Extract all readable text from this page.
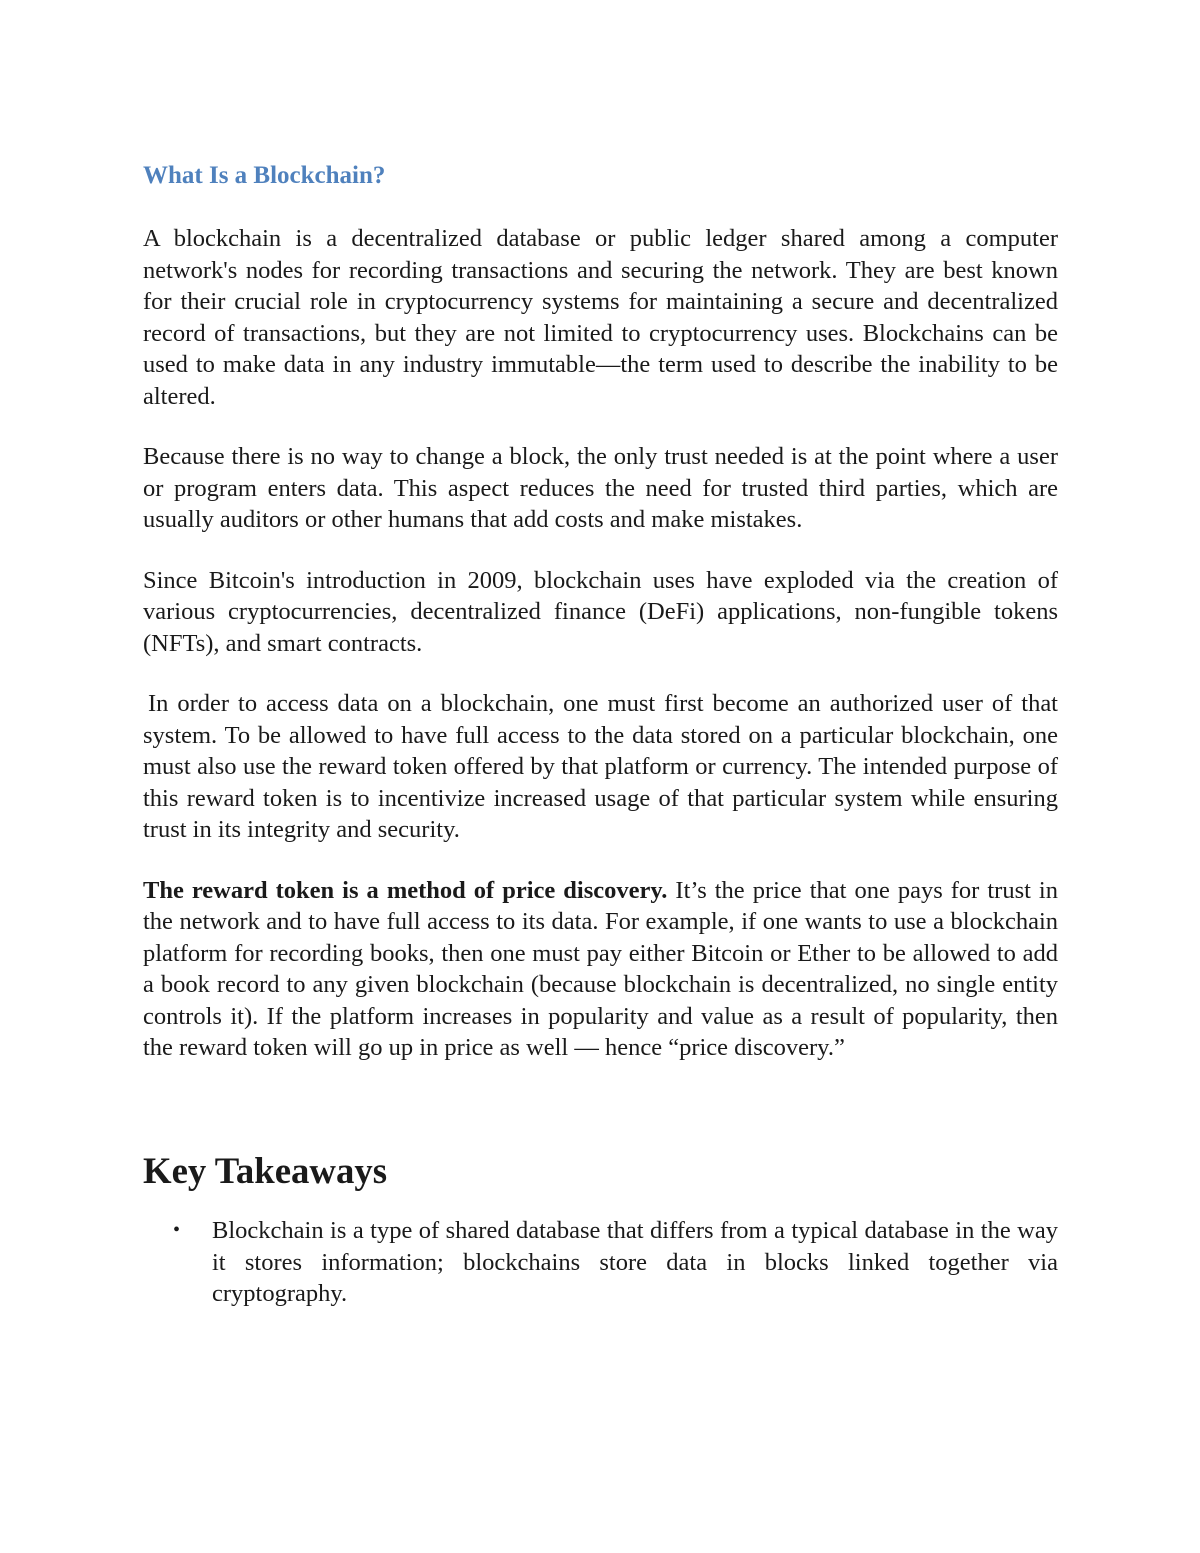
What Is a Blockchain?

A blockchain is a decentralized database or public ledger shared among a computer network's nodes for recording transactions and securing the network. They are best known for their crucial role in cryptocurrency systems for maintaining a secure and decentralized record of transactions, but they are not limited to cryptocurrency uses. Blockchains can be used to make data in any industry immutable—the term used to describe the inability to be altered.

Because there is no way to change a block, the only trust needed is at the point where a user or program enters data. This aspect reduces the need for trusted third parties, which are usually auditors or other humans that add costs and make mistakes.

Since Bitcoin's introduction in 2009, blockchain uses have exploded via the creation of various cryptocurrencies, decentralized finance (DeFi) applications, non-fungible tokens (NFTs), and smart contracts.

In order to access data on a blockchain, one must first become an authorized user of that system. To be allowed to have full access to the data stored on a particular blockchain, one must also use the reward token offered by that platform or currency. The intended purpose of this reward token is to incentivize increased usage of that particular system while ensuring trust in its integrity and security.

The reward token is a method of price discovery. It’s the price that one pays for trust in the network and to have full access to its data. For example, if one wants to use a blockchain platform for recording books, then one must pay either Bitcoin or Ether to be allowed to add a book record to any given blockchain (because blockchain is decentralized, no single entity controls it). If the platform increases in popularity and value as a result of popularity, then the reward token will go up in price as well — hence “price discovery.”

Key Takeaways
• Blockchain is a type of shared database that differs from a typical database in the way it stores information; blockchains store data in blocks linked together via cryptography.
